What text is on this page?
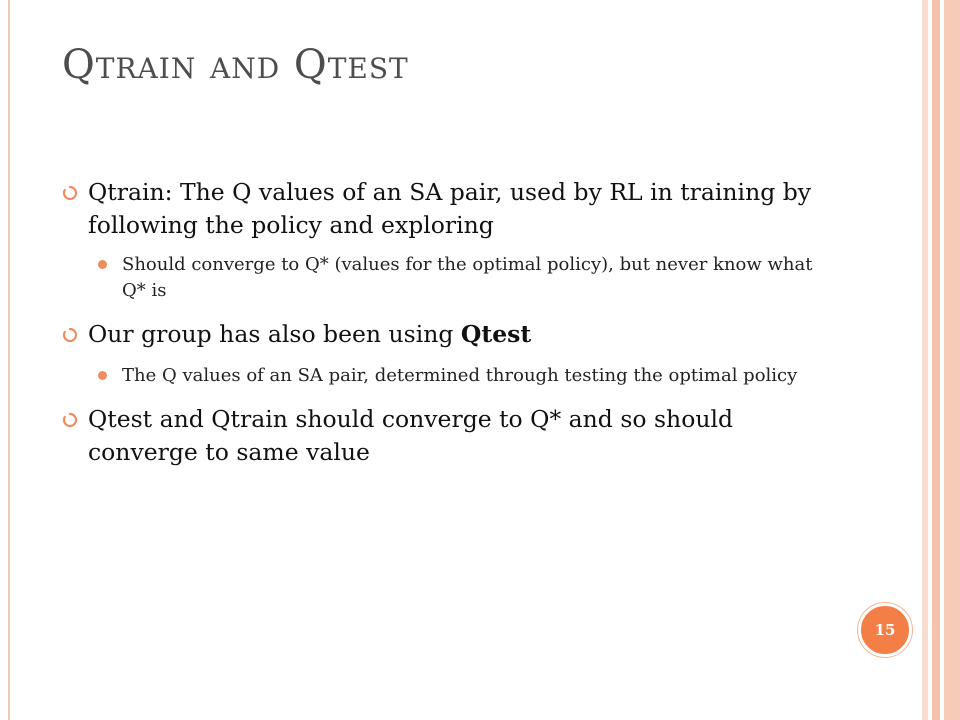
Qtrain and Qtest
Qtrain: The Q values of an SA pair, used by RL in training by following the policy and exploring
Should converge to Q* (values for the optimal policy), but never know what Q* is
Our group has also been using Qtest
The Q values of an SA pair, determined through testing the optimal policy
Qtest and Qtrain should converge to Q* and so should converge to same value
15
